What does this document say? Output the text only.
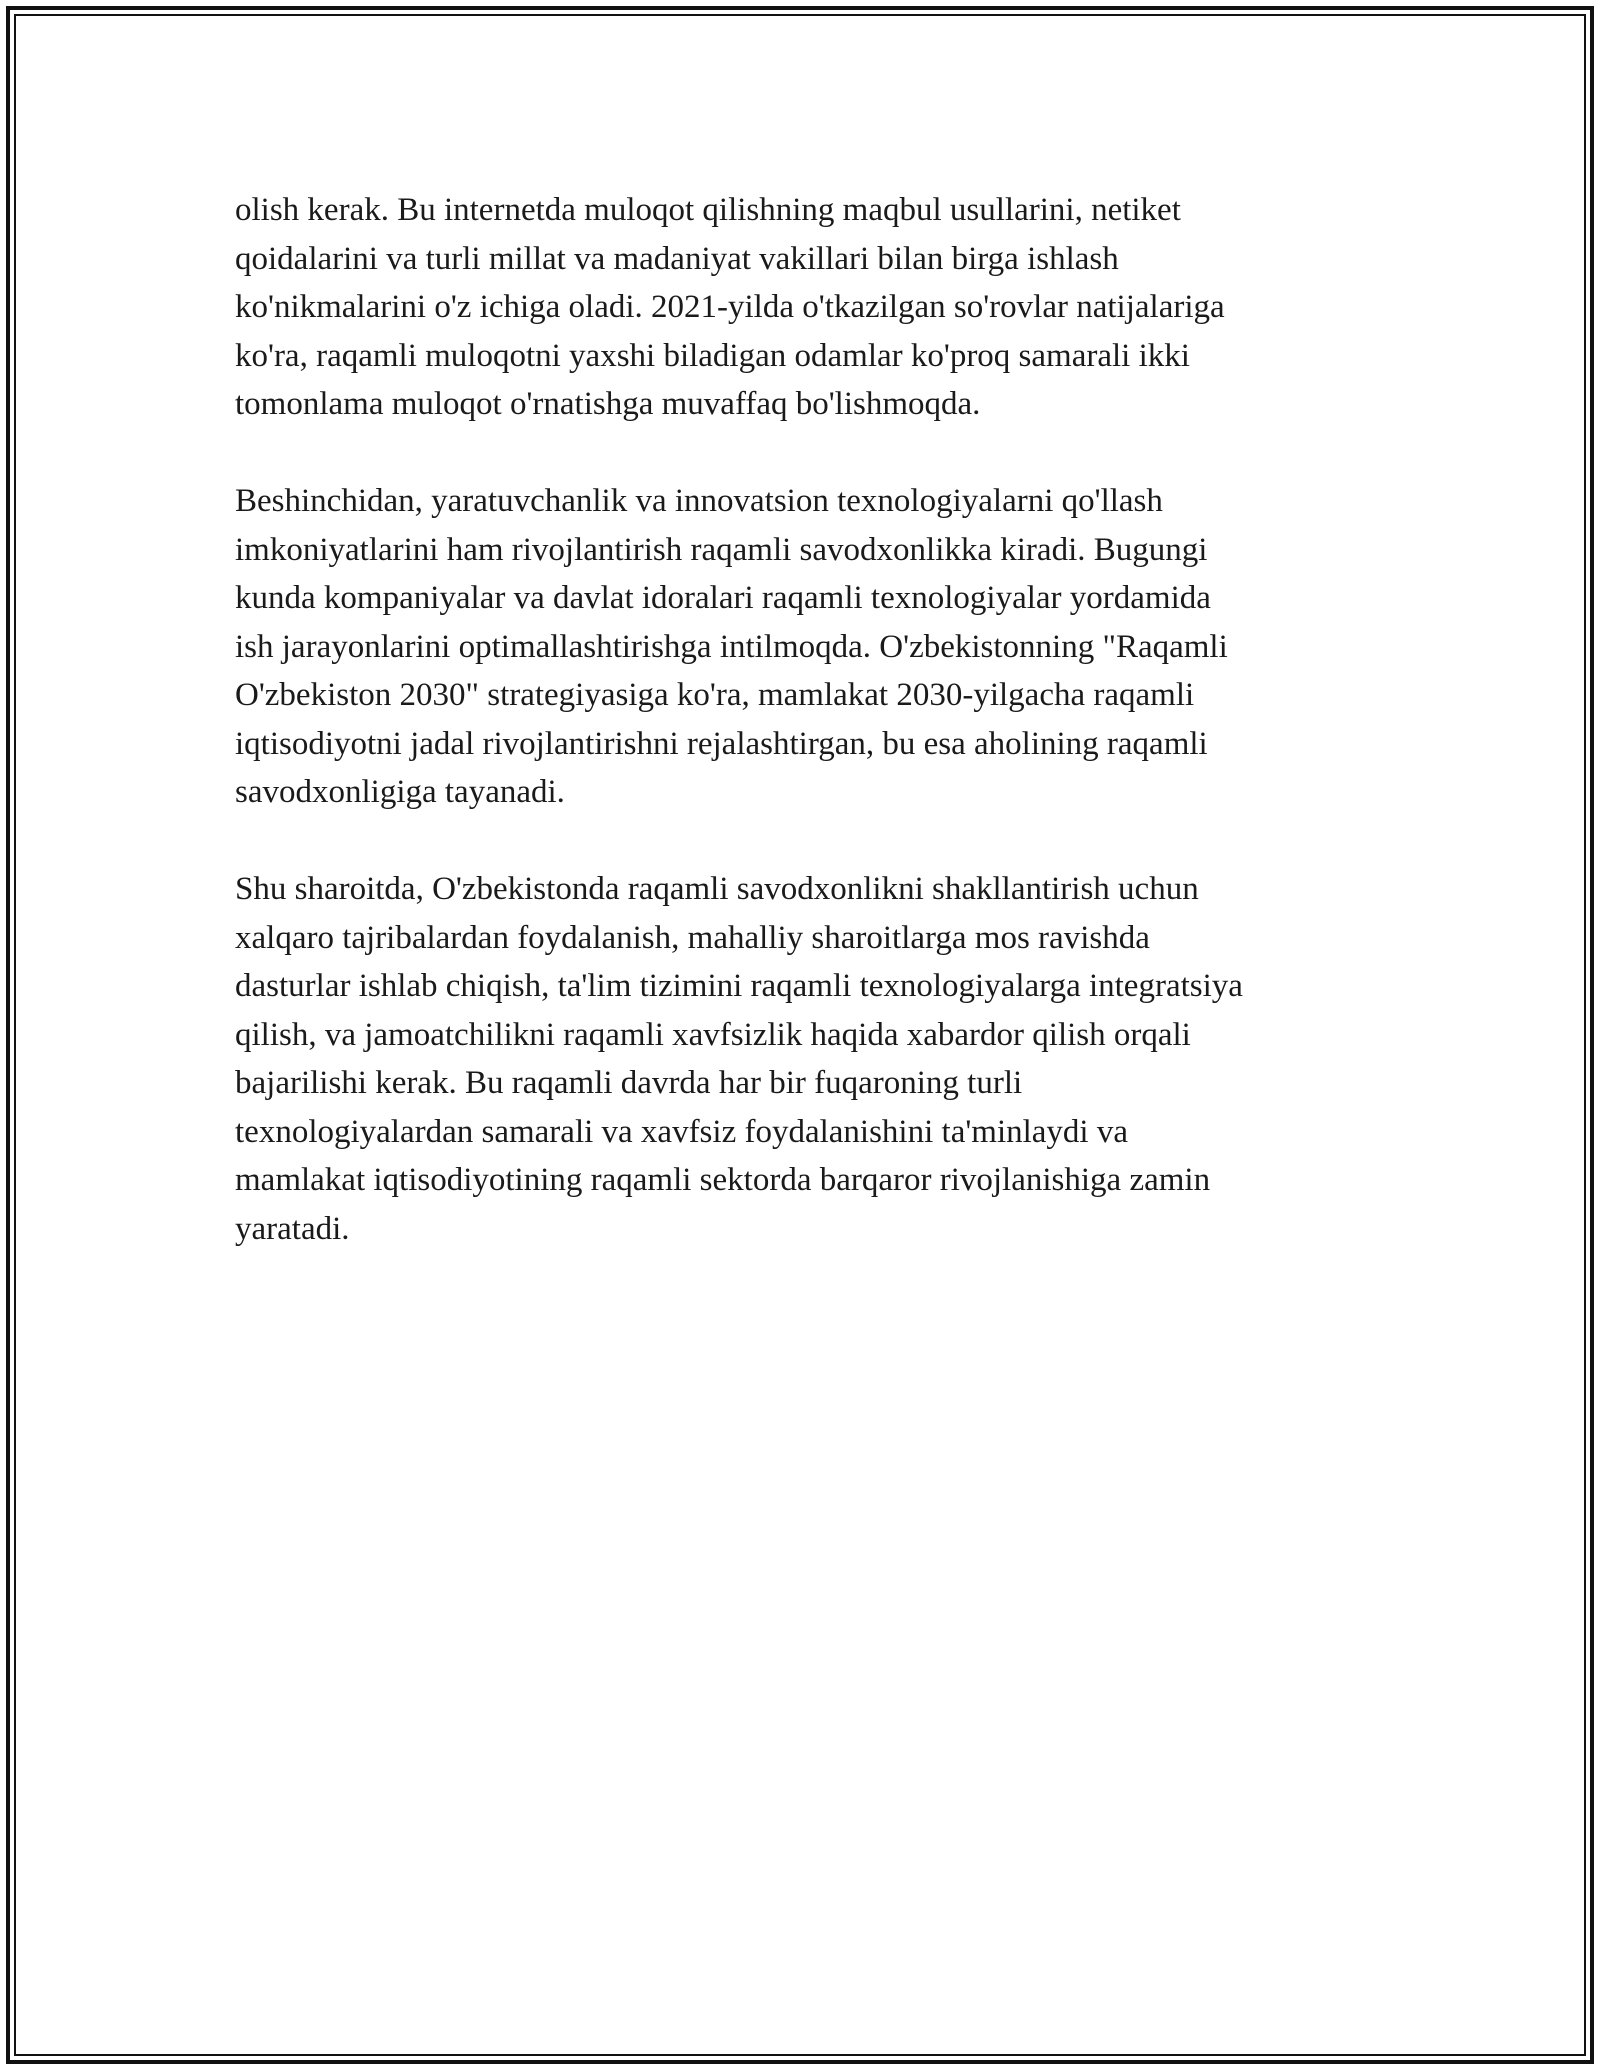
olish kerak. Bu internetda muloqot qilishning maqbul usullarini, netiket
qoidalarini va turli millat va madaniyat vakillari bilan birga ishlash
ko'nikmalarini o'z ichiga oladi. 2021-yilda o'tkazilgan so'rovlar natijalariga
ko'ra, raqamli muloqotni yaxshi biladigan odamlar ko'proq samarali ikki
tomonlama muloqot o'rnatishga muvaffaq bo'lishmoqda.

Beshinchidan, yaratuvchanlik va innovatsion texnologiyalarni qo'llash
imkoniyatlarini ham rivojlantirish raqamli savodxonlikka kiradi. Bugungi
kunda kompaniyalar va davlat idoralari raqamli texnologiyalar yordamida
ish jarayonlarini optimallashtirishga intilmoqda. O'zbekistonning "Raqamli
O'zbekiston 2030" strategiyasiga ko'ra, mamlakat 2030-yilgacha raqamli
iqtisodiyotni jadal rivojlantirishni rejalashtirgan, bu esa aholining raqamli
savodxonligiga tayanadi.

Shu sharoitda, O'zbekistonda raqamli savodxonlikni shakllantirish uchun
xalqaro tajribalardan foydalanish, mahalliy sharoitlarga mos ravishda
dasturlar ishlab chiqish, ta'lim tizimini raqamli texnologiyalarga integratsiya
qilish, va jamoatchilikni raqamli xavfsizlik haqida xabardor qilish orqali
bajarilishi kerak. Bu raqamli davrda har bir fuqaroning turli
texnologiyalardan samarali va xavfsiz foydalanishini ta'minlaydi va
mamlakat iqtisodiyotining raqamli sektorda barqaror rivojlanishiga zamin
yaratadi.
